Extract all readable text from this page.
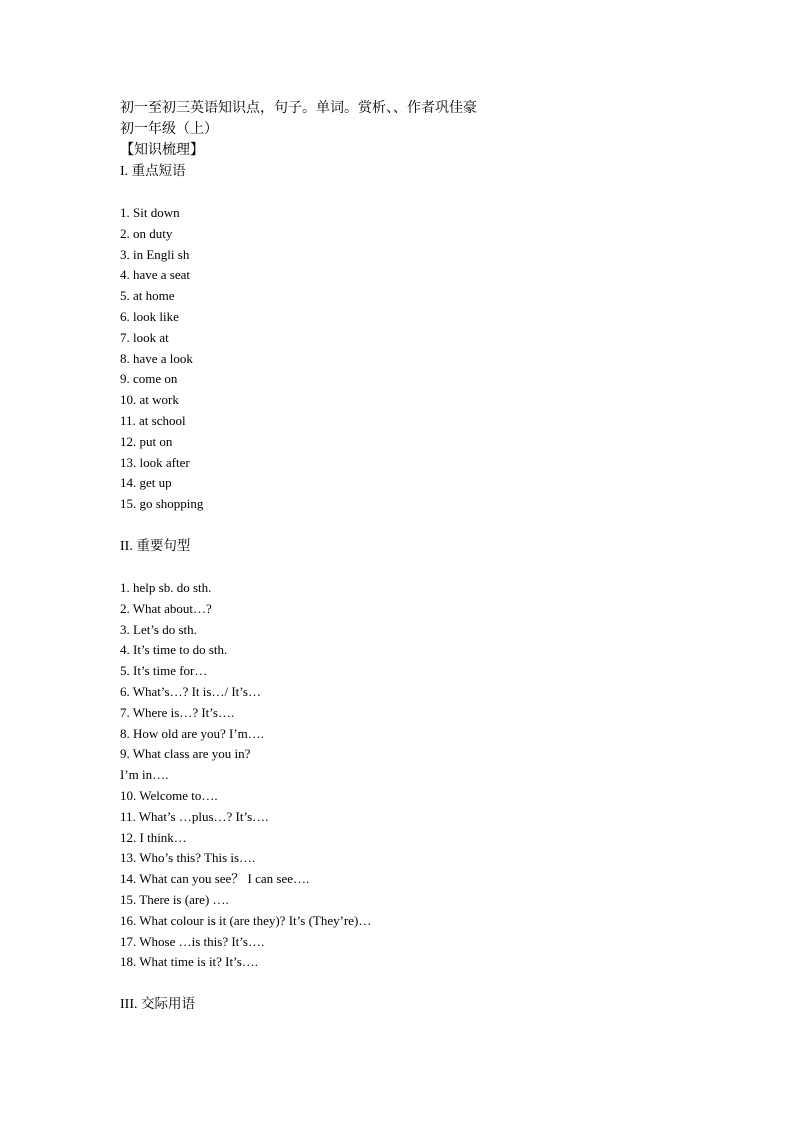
初一至初三英语知识点，句子。单词。赏析、、作者巩佳豪
初一年级（上）
【知识梳理】
I. 重点短语
1. Sit down
2. on duty
3. in Engli sh
4. have a seat
5. at home
6. look like
7. look at
8. have a look
9. come on
10. at work
11. at school
12. put on
13. look after
14. get up
15. go shopping
II. 重要句型
1. help sb. do sth.
2. What about…?
3. Let’s do sth.
4. It’s time to do sth.
5. It’s time for…
6. What’s…? It is…/ It’s…
7. Where is…? It’s….
8. How old are you? I’m….
9. What class are you in?
I’m in….
10. Welcome to….
11. What’s …plus…? It’s….
12. I think…
13. Who’s this? This is….
14. What can you see？ I can see….
15. There is (are) ….
16. What colour is it (are they)? It’s (They’re)…
17. Whose …is this? It’s….
18. What time is it? It’s….
III. 交际用语
